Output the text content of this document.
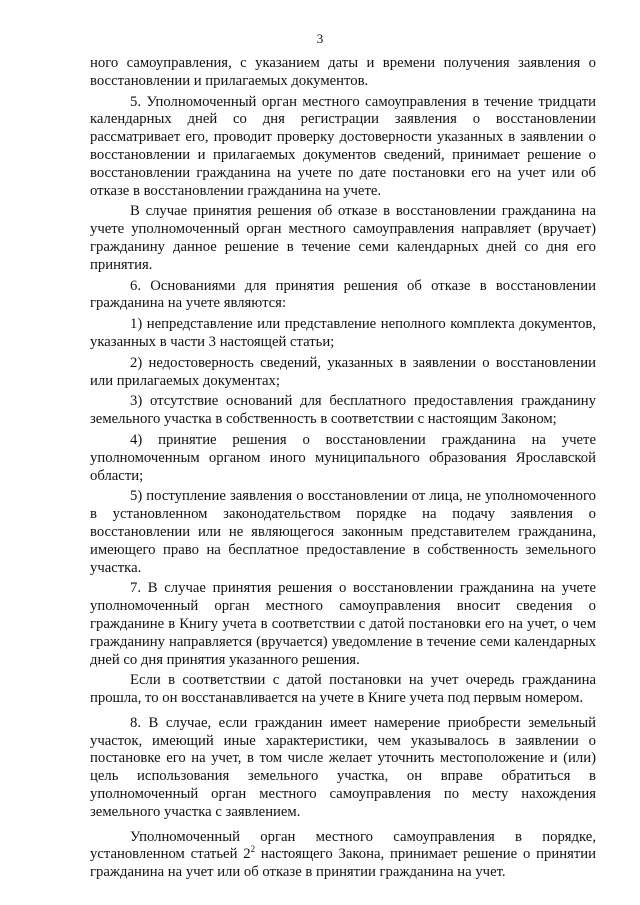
3

ного самоуправления, с указанием даты и времени получения заявления о восстановлении и прилагаемых документов.

5. Уполномоченный орган местного самоуправления в течение тридцати календарных дней со дня регистрации заявления о восстановлении рассматривает его, проводит проверку достоверности указанных в заявлении о восстановлении и прилагаемых документов сведений, принимает решение о восстановлении гражданина на учете по дате постановки его на учет или об отказе в восстановлении гражданина на учете.

В случае принятия решения об отказе в восстановлении гражданина на учете уполномоченный орган местного самоуправления направляет (вручает) гражданину данное решение в течение семи календарных дней со дня его принятия.

6. Основаниями для принятия решения об отказе в восстановлении гражданина на учете являются:

1) непредставление или представление неполного комплекта документов, указанных в части 3 настоящей статьи;

2) недостоверность сведений, указанных в заявлении о восстановлении или прилагаемых документах;

3) отсутствие оснований для бесплатного предоставления гражданину земельного участка в собственность в соответствии с настоящим Законом;

4) принятие решения о восстановлении гражданина на учете уполномоченным органом иного муниципального образования Ярославской области;

5) поступление заявления о восстановлении от лица, не уполномоченного в установленном законодательством порядке на подачу заявления о восстановлении или не являющегося законным представителем гражданина, имеющего право на бесплатное предоставление в собственность земельного участка.

7. В случае принятия решения о восстановлении гражданина на учете уполномоченный орган местного самоуправления вносит сведения о гражданине в Книгу учета в соответствии с датой постановки его на учет, о чем гражданину направляется (вручается) уведомление в течение семи календарных дней со дня принятия указанного решения.

Если в соответствии с датой постановки на учет очередь гражданина прошла, то он восстанавливается на учете в Книге учета под первым номером.

8. В случае, если гражданин имеет намерение приобрести земельный участок, имеющий иные характеристики, чем указывалось в заявлении о постановке его на учет, в том числе желает уточнить местоположение и (или) цель использования земельного участка, он вправе обратиться в уполномоченный орган местного самоуправления по месту нахождения земельного участка с заявлением.

Уполномоченный орган местного самоуправления в порядке, установленном статьей $2^2$ настоящего Закона, принимает решение о принятии гражданина на учет или об отказе в принятии гражданина на учет.
